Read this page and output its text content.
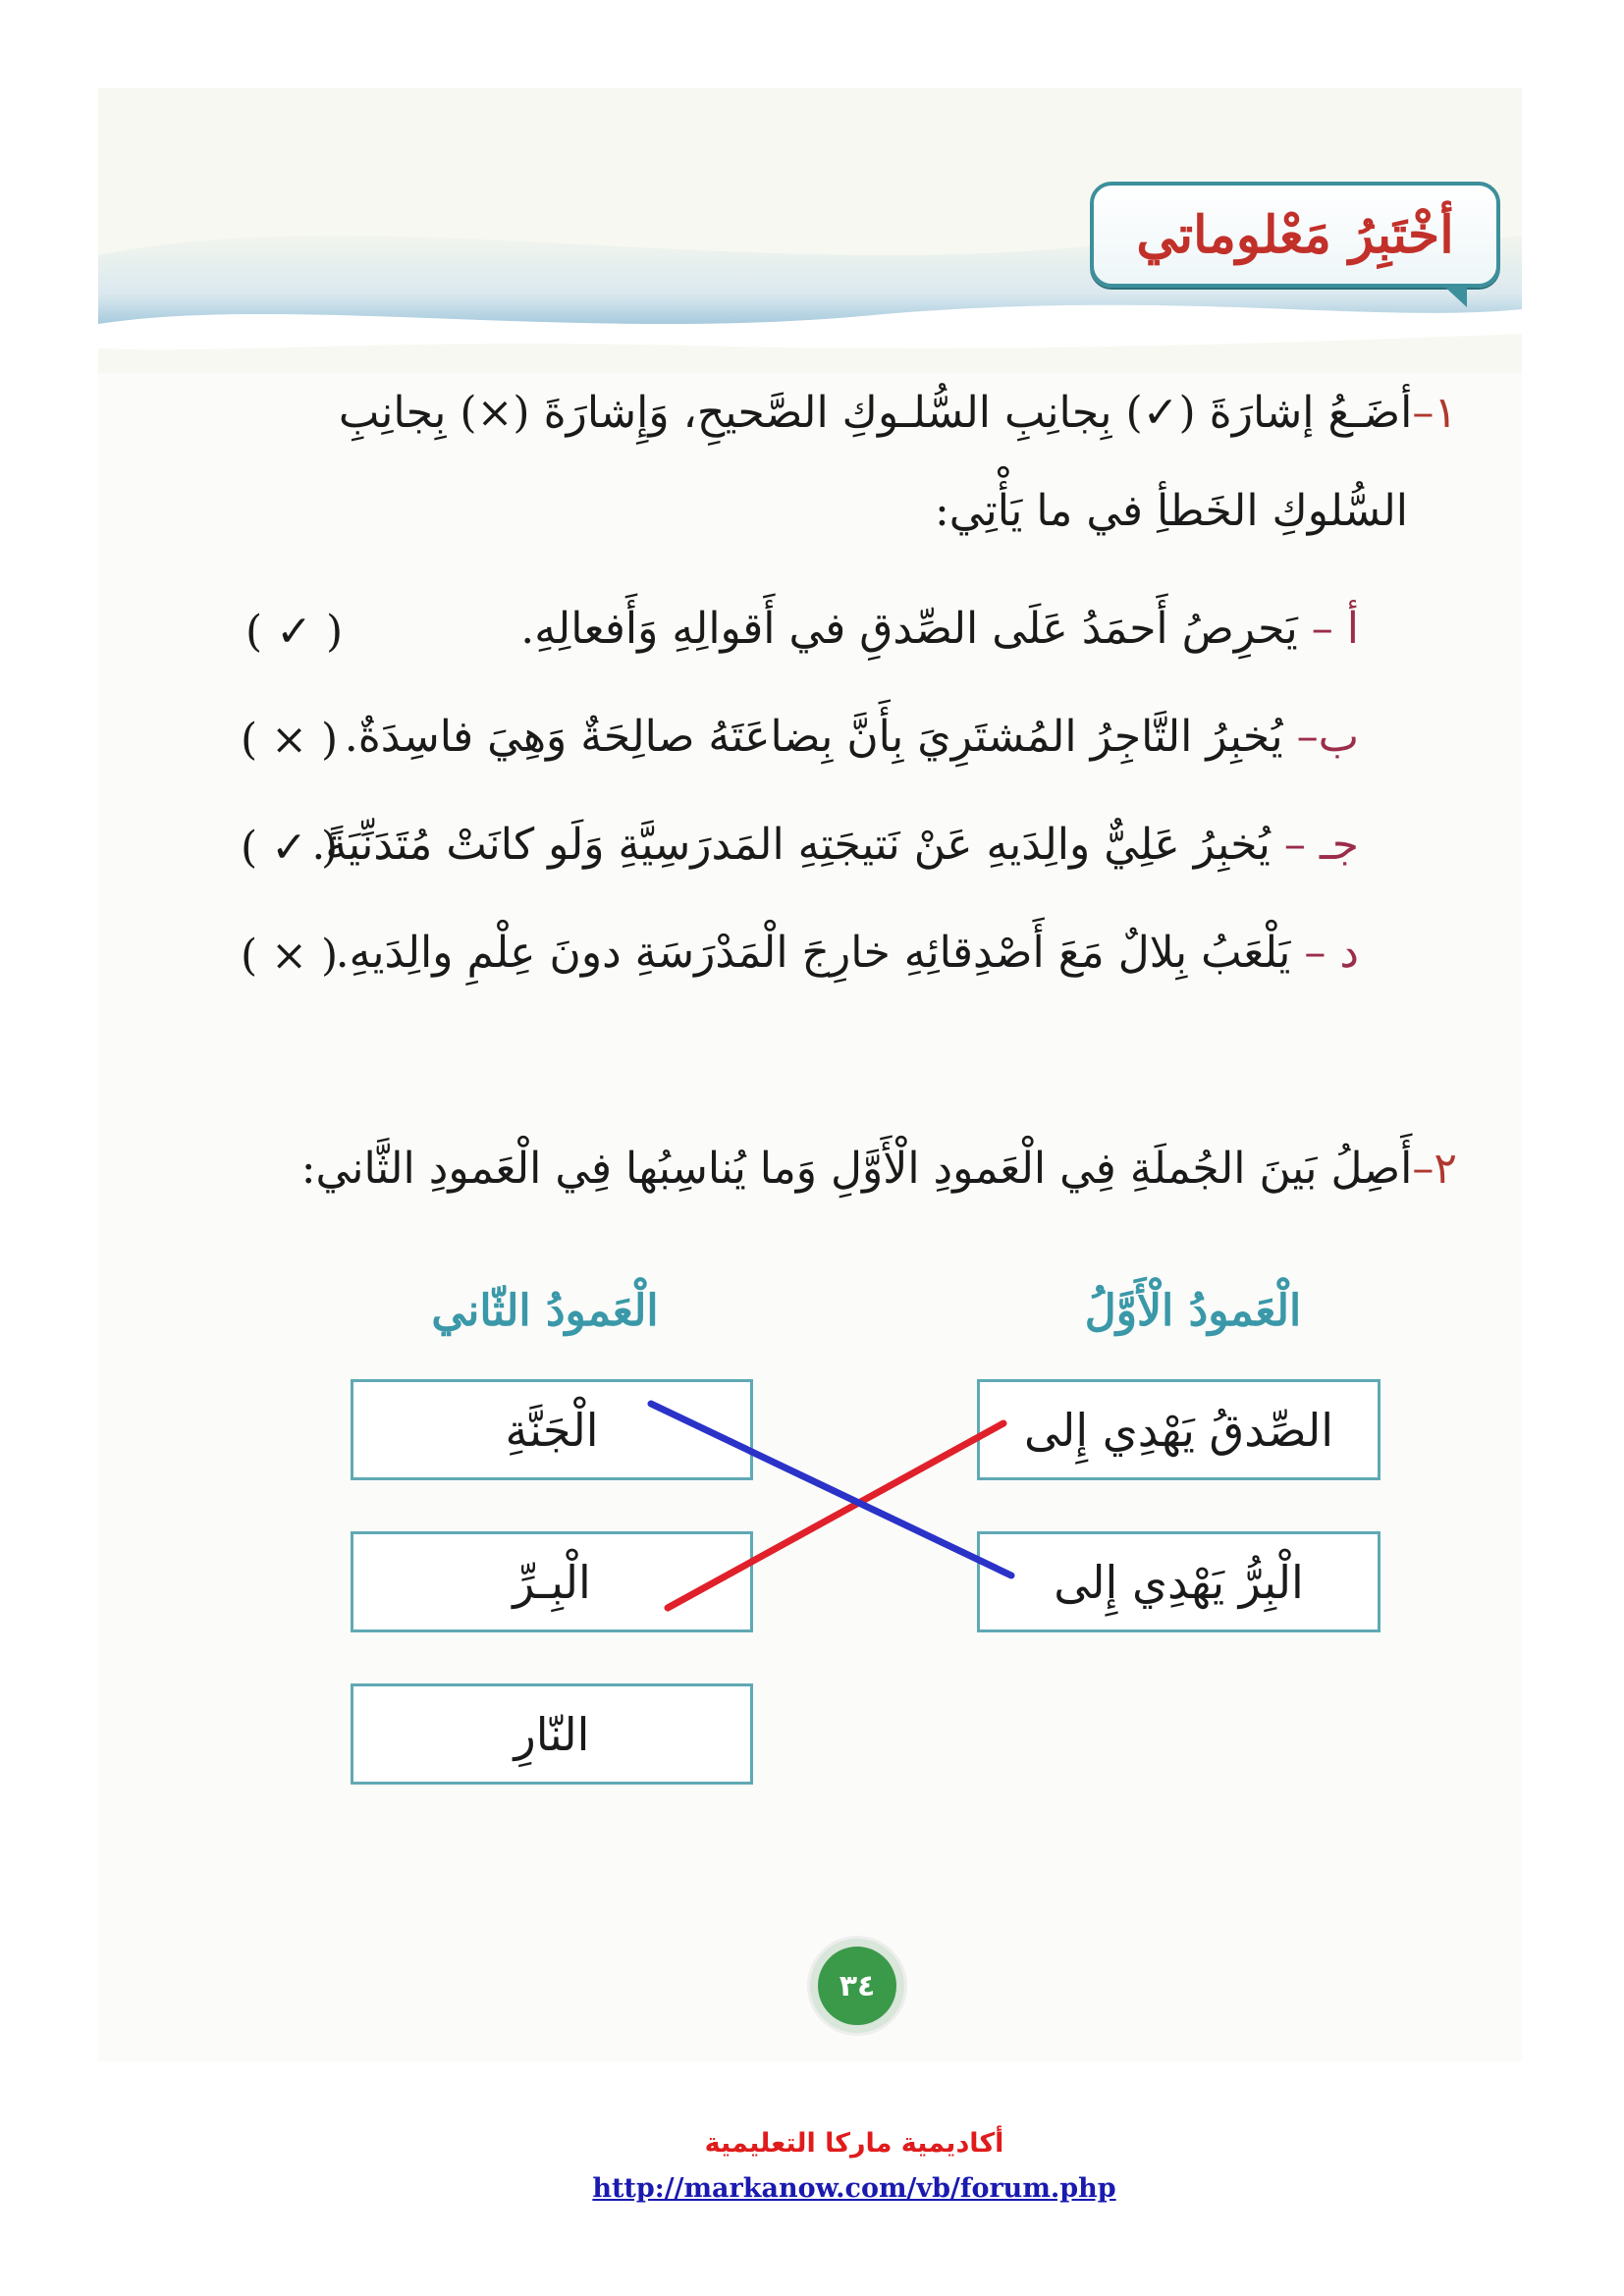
أخْتَبِرُ مَعْلوماتي
١–أضَـعُ إشارَةَ (✓) بِجانِبِ السُّلـوكِ الصَّحيحِ، وَإِشارَةَ (×) بِجانِبِ
السُّلوكِ الخَطأِ في ما يَأْتِي:
أ – يَحرِصُ أَحمَدُ عَلَى الصِّدقِ في أَقوالِهِ وَأَفعالِهِ.
( ✓ )
ب– يُخبِرُ التَّاجِرُ المُشتَرِيَ بِأَنَّ بِضاعَتَهُ صالِحَةٌ وَهِيَ فاسِدَةٌ.
( × )
جـ – يُخبِرُ عَلِيٌّ والِدَيهِ عَنْ نَتيجَتِهِ المَدرَسِيَّةِ وَلَو كانَتْ مُتَدَنِّيَةً.
( ✓ )
د – يَلْعَبُ بِلالٌ مَعَ أَصْدِقائِهِ خارِجَ الْمَدْرَسَةِ دونَ عِلْمِ والِدَيهِ.
( × )
٢–أَصِلُ بَينَ الجُملَةِ فِي الْعَمودِ الْأَوَّلِ وَما يُناسِبُها فِي الْعَمودِ الثَّاني:
الْعَمودُ الْأَوَّلُ
الْعَمودُ الثّاني
الصِّدقُ يَهْدِي إِلى
الْبِرُّ يَهْدِي إِلى
الْجَنَّةِ
الْبِـرِّ
النّارِ
٣٤
أكاديمية ماركا التعليمية
http://markanow.com/vb/forum.php
